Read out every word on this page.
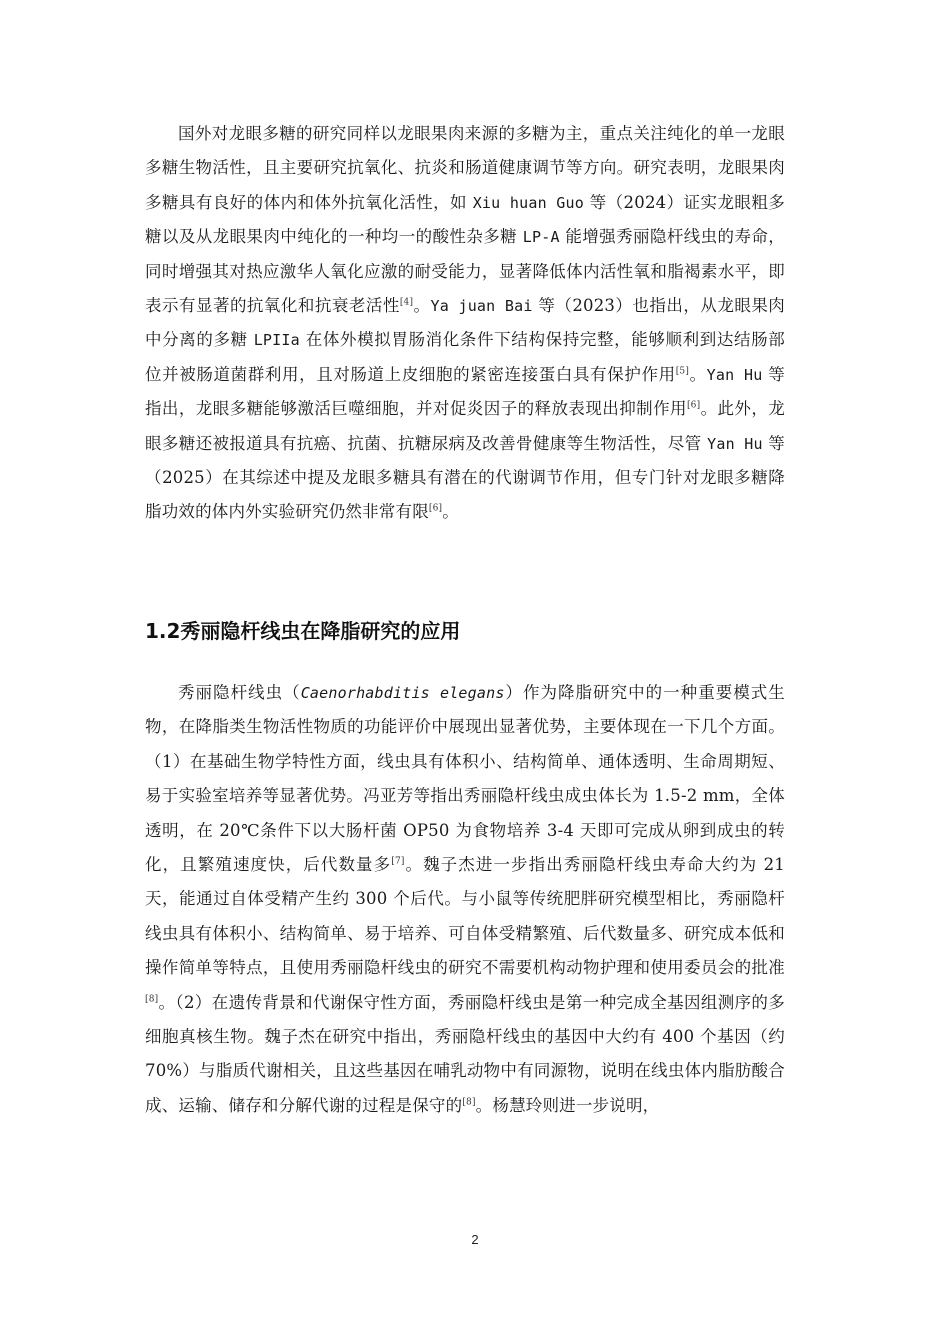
国外对龙眼多糖的研究同样以龙眼果肉来源的多糖为主，重点关注纯化的单一龙眼多糖生物活性，且主要研究抗氧化、抗炎和肠道健康调节等方向。研究表明，龙眼果肉多糖具有良好的体内和体外抗氧化活性，如 Xiu huan Guo 等（2024）证实龙眼粗多糖以及从龙眼果肉中纯化的一种均一的酸性杂多糖 LP-A 能增强秀丽隐杆线虫的寿命，同时增强其对热应激华人氧化应激的耐受能力，显著降低体内活性氧和脂褐素水平，即表示有显著的抗氧化和抗衰老活性[4]。Ya juan Bai 等（2023）也指出，从龙眼果肉中分离的多糖 LPIIa 在体外模拟胃肠消化条件下结构保持完整，能够顺利到达结肠部位并被肠道菌群利用，且对肠道上皮细胞的紧密连接蛋白具有保护作用[5]。Yan Hu 等指出，龙眼多糖能够激活巨噬细胞，并对促炎因子的释放表现出抑制作用[6]。此外，龙眼多糖还被报道具有抗癌、抗菌、抗糖尿病及改善骨健康等生物活性，尽管 Yan Hu 等（2025）在其综述中提及龙眼多糖具有潜在的代谢调节作用，但专门针对龙眼多糖降脂功效的体内外实验研究仍然非常有限[6]。

1.2秀丽隐杆线虫在降脂研究的应用

秀丽隐杆线虫（Caenorhabditis elegans）作为降脂研究中的一种重要模式生物，在降脂类生物活性物质的功能评价中展现出显著优势，主要体现在一下几个方面。（1）在基础生物学特性方面，线虫具有体积小、结构简单、通体透明、生命周期短、易于实验室培养等显著优势。冯亚芳等指出秀丽隐杆线虫成虫体长为 1.5-2 mm，全体透明，在 20℃条件下以大肠杆菌 OP50 为食物培养 3-4 天即可完成从卵到成虫的转化，且繁殖速度快，后代数量多[7]。魏子杰进一步指出秀丽隐杆线虫寿命大约为 21 天，能通过自体受精产生约 300 个后代。与小鼠等传统肥胖研究模型相比，秀丽隐杆线虫具有体积小、结构简单、易于培养、可自体受精繁殖、后代数量多、研究成本低和操作简单等特点，且使用秀丽隐杆线虫的研究不需要机构动物护理和使用委员会的批准[8]。（2）在遗传背景和代谢保守性方面，秀丽隐杆线虫是第一种完成全基因组测序的多细胞真核生物。魏子杰在研究中指出，秀丽隐杆线虫的基因中大约有 400 个基因（约 70%）与脂质代谢相关，且这些基因在哺乳动物中有同源物，说明在线虫体内脂肪酸合成、运输、储存和分解代谢的过程是保守的[8]。杨慧玲则进一步说明，

2
